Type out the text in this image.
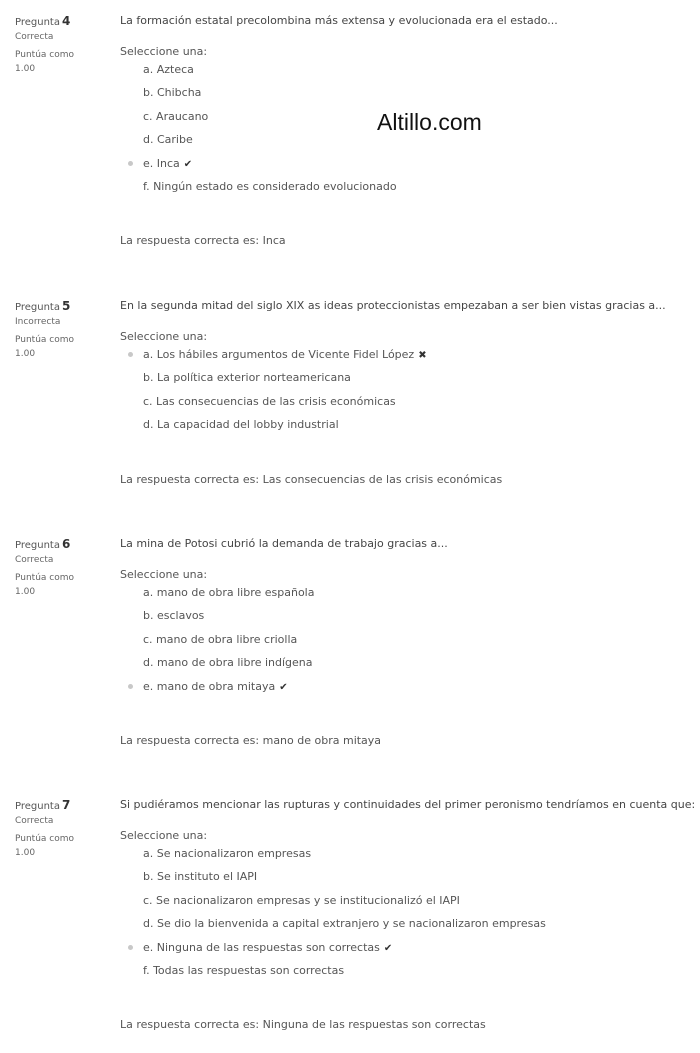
Altillo.com
Pregunta 4
Correcta
Puntúa como
1.00
La formación estatal precolombina más extensa y evolucionada era el estado...
Seleccione una:
a. Azteca
b. Chibcha
c. Araucano
d. Caribe
e. Inca ✔
f. Ningún estado es considerado evolucionado
La respuesta correcta es: Inca
Pregunta 5
Incorrecta
Puntúa como
1.00
En la segunda mitad del siglo XIX as ideas proteccionistas empezaban a ser bien vistas gracias a...
Seleccione una:
a. Los hábiles argumentos de Vicente Fidel López ✖
b. La política exterior norteamericana
c. Las consecuencias de las crisis económicas
d. La capacidad del lobby industrial
La respuesta correcta es: Las consecuencias de las crisis económicas
Pregunta 6
Correcta
Puntúa como
1.00
La mina de Potosi cubrió la demanda de trabajo gracias a...
Seleccione una:
a. mano de obra libre española
b. esclavos
c. mano de obra libre criolla
d. mano de obra libre indígena
e. mano de obra mitaya ✔
La respuesta correcta es: mano de obra mitaya
Pregunta 7
Correcta
Puntúa como
1.00
Si pudiéramos mencionar las rupturas y continuidades del primer peronismo tendríamos en cuenta que:
Seleccione una:
a. Se nacionalizaron empresas
b. Se instituto el IAPI
c. Se nacionalizaron empresas y se institucionalizó el IAPI
d. Se dio la bienvenida a capital extranjero y se nacionalizaron empresas
e. Ninguna de las respuestas son correctas ✔
f. Todas las respuestas son correctas
La respuesta correcta es: Ninguna de las respuestas son correctas
